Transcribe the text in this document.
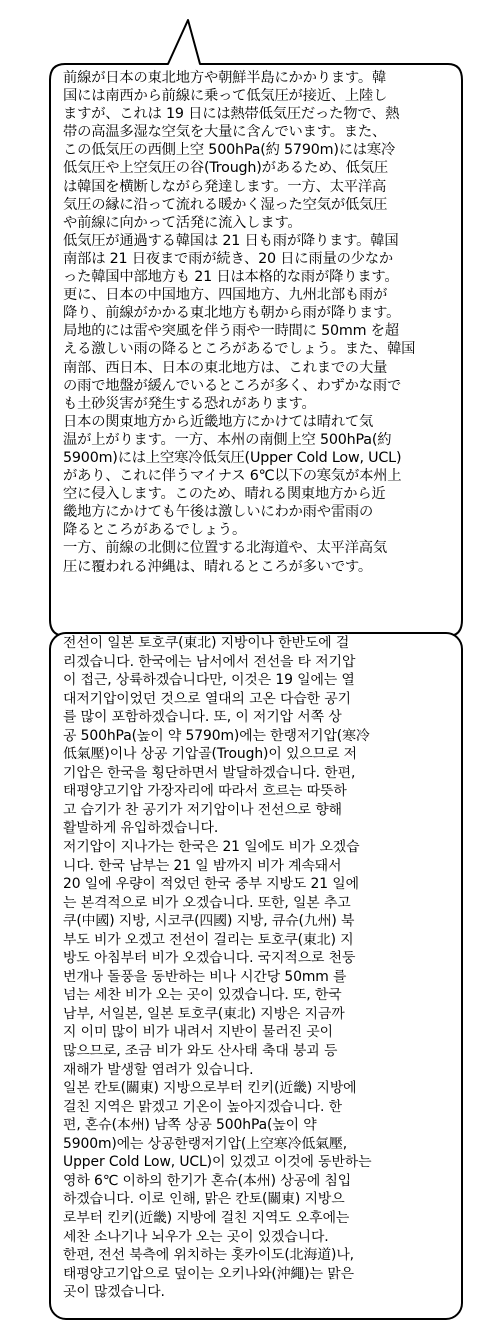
前線が日本の東北地方や朝鮮半島にかかります。韓
国には南西から前線に乗って低気圧が接近、上陸し
ますが、これは 19 日には熱帯低気圧だった物で、熱
帯の高温多湿な空気を大量に含んでいます。また、
この低気圧の西側上空 500hPa(約 5790m)には寒冷
低気圧や上空気圧の谷(Trough)があるため、低気圧
は韓国を横断しながら発達します。一方、太平洋高
気圧の縁に沿って流れる暖かく湿った空気が低気圧
や前線に向かって活発に流入します。

低気圧が通過する韓国は 21 日も雨が降ります。韓国
南部は 21 日夜まで雨が続き、20 日に雨量の少なか
った韓国中部地方も 21 日は本格的な雨が降ります。
更に、日本の中国地方、四国地方、九州北部も雨が
降り、前線がかかる東北地方も朝から雨が降ります。
局地的には雷や突風を伴う雨や一時間に 50mm を超
える激しい雨の降るところがあるでしょう。また、韓国
南部、西日本、日本の東北地方は、これまでの大量
の雨で地盤が緩んでいるところが多く、わずかな雨で
も土砂災害が発生する恐れがあります。

日本の関東地方から近畿地方にかけては晴れて気
温が上がります。一方、本州の南側上空 500hPa(約
5900m)には上空寒冷低気圧(Upper Cold Low, UCL)
があり、これに伴うマイナス 6℃以下の寒気が本州上
空に侵入します。このため、晴れる関東地方から近
畿地方にかけても午後は激しいにわか雨や雷雨の
降るところがあるでしょう。

一方、前線の北側に位置する北海道や、太平洋高気
圧に覆われる沖縄は、晴れるところが多いです。

전선이 일본 토호쿠(東北) 지방이나 한반도에 걸
리겠습니다. 한국에는 남서에서 전선을 타 저기압
이 접근, 상륙하겠습니다만, 이것은 19 일에는 열
대저기압이었던 것으로 열대의 고온 다습한 공기
를 많이 포함하겠습니다. 또, 이 저기압 서쪽 상
공 500hPa(높이 약 5790m)에는 한랭저기압(寒冷
低氣壓)이나 상공 기압골(Trough)이 있으므로 저
기압은 한국을 횡단하면서 발달하겠습니다. 한편,
태평양고기압 가장자리에 따라서 흐르는 따뜻하
고 습기가 찬 공기가 저기압이나 전선으로 향해
활발하게 유입하겠습니다.

저기압이 지나가는 한국은 21 일에도 비가 오겠습
니다. 한국 남부는 21 일 밤까지 비가 계속돼서
20 일에 우량이 적었던 한국 중부 지방도 21 일에
는 본격적으로 비가 오겠습니다. 또한, 일본 추고
쿠(中國) 지방, 시코쿠(四國) 지방, 큐슈(九州) 북
부도 비가 오겠고 전선이 걸리는 토호쿠(東北) 지
방도 아침부터 비가 오겠습니다. 국지적으로 천둥
번개나 돌풍을 동반하는 비나 시간당 50mm 를
넘는 세찬 비가 오는 곳이 있겠습니다. 또, 한국
남부, 서일본, 일본 토호쿠(東北) 지방은 지금까
지 이미 많이 비가 내려서 지반이 물러진 곳이
많으므로, 조금 비가 와도 산사태 축대 붕괴 등
재해가 발생할 염려가 있습니다.

일본 칸토(關東) 지방으로부터 킨키(近畿) 지방에
걸친 지역은 맑겠고 기온이 높아지겠습니다. 한
편, 혼슈(本州) 남쪽 상공 500hPa(높이 약
5900m)에는 상공한랭저기압(上空寒冷低氣壓,
Upper Cold Low, UCL)이 있겠고 이것에 동반하는
영하 6℃ 이하의 한기가 혼슈(本州) 상공에 침입
하겠습니다. 이로 인해, 맑은 칸토(關東) 지방으
로부터 킨키(近畿) 지방에 걸친 지역도 오후에는
세찬 소나기나 뇌우가 오는 곳이 있겠습니다.

한편, 전선 북측에 위치하는 홋카이도(北海道)나,
태평양고기압으로 덮이는 오키나와(沖繩)는 맑은
곳이 많겠습니다.
